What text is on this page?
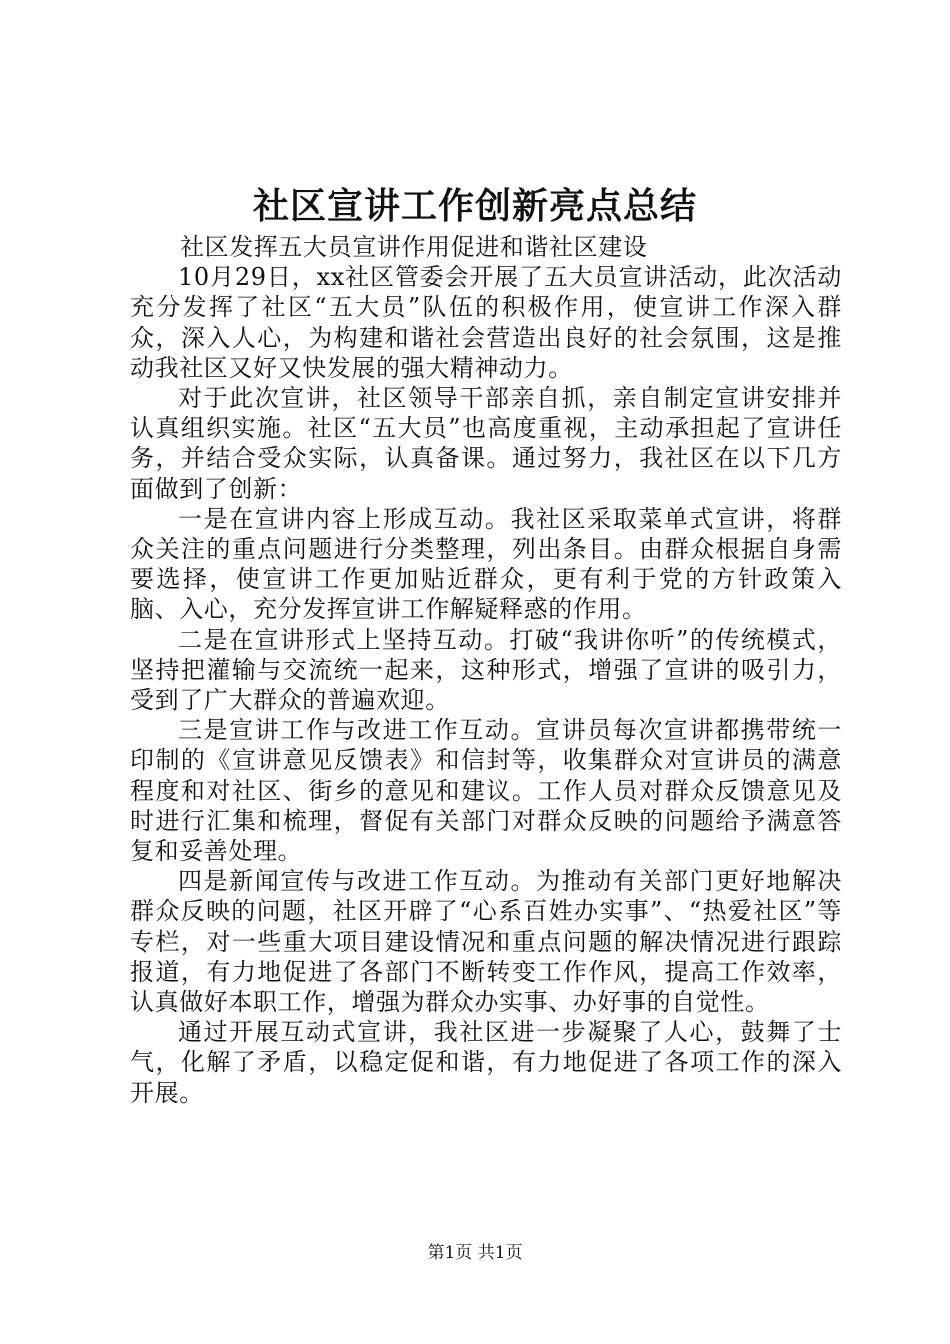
社区宣讲工作创新亮点总结

社区发挥五大员宣讲作用促进和谐社区建设

10月29日，xx社区管委会开展了五大员宣讲活动，此次活动充分发挥了社区“五大员”队伍的积极作用，使宣讲工作深入群众，深入人心，为构建和谐社会营造出良好的社会氛围，这是推动我社区又好又快发展的强大精神动力。

对于此次宣讲，社区领导干部亲自抓，亲自制定宣讲安排并认真组织实施。社区“五大员”也高度重视，主动承担起了宣讲任务，并结合受众实际，认真备课。通过努力，我社区在以下几方面做到了创新：

一是在宣讲内容上形成互动。我社区采取菜单式宣讲，将群众关注的重点问题进行分类整理，列出条目。由群众根据自身需要选择，使宣讲工作更加贴近群众，更有利于党的方针政策入脑、入心，充分发挥宣讲工作解疑释惑的作用。

二是在宣讲形式上坚持互动。打破“我讲你听”的传统模式，坚持把灌输与交流统一起来，这种形式，增强了宣讲的吸引力，受到了广大群众的普遍欢迎。

三是宣讲工作与改进工作互动。宣讲员每次宣讲都携带统一印制的《宣讲意见反馈表》和信封等，收集群众对宣讲员的满意程度和对社区、街乡的意见和建议。工作人员对群众反馈意见及时进行汇集和梳理，督促有关部门对群众反映的问题给予满意答复和妥善处理。

四是新闻宣传与改进工作互动。为推动有关部门更好地解决群众反映的问题，社区开辟了“心系百姓办实事”、“热爱社区”等专栏，对一些重大项目建设情况和重点问题的解决情况进行跟踪报道，有力地促进了各部门不断转变工作作风，提高工作效率，认真做好本职工作，增强为群众办实事、办好事的自觉性。

通过开展互动式宣讲，我社区进一步凝聚了人心，鼓舞了士气，化解了矛盾，以稳定促和谐，有力地促进了各项工作的深入开展。

第1页 共1页
